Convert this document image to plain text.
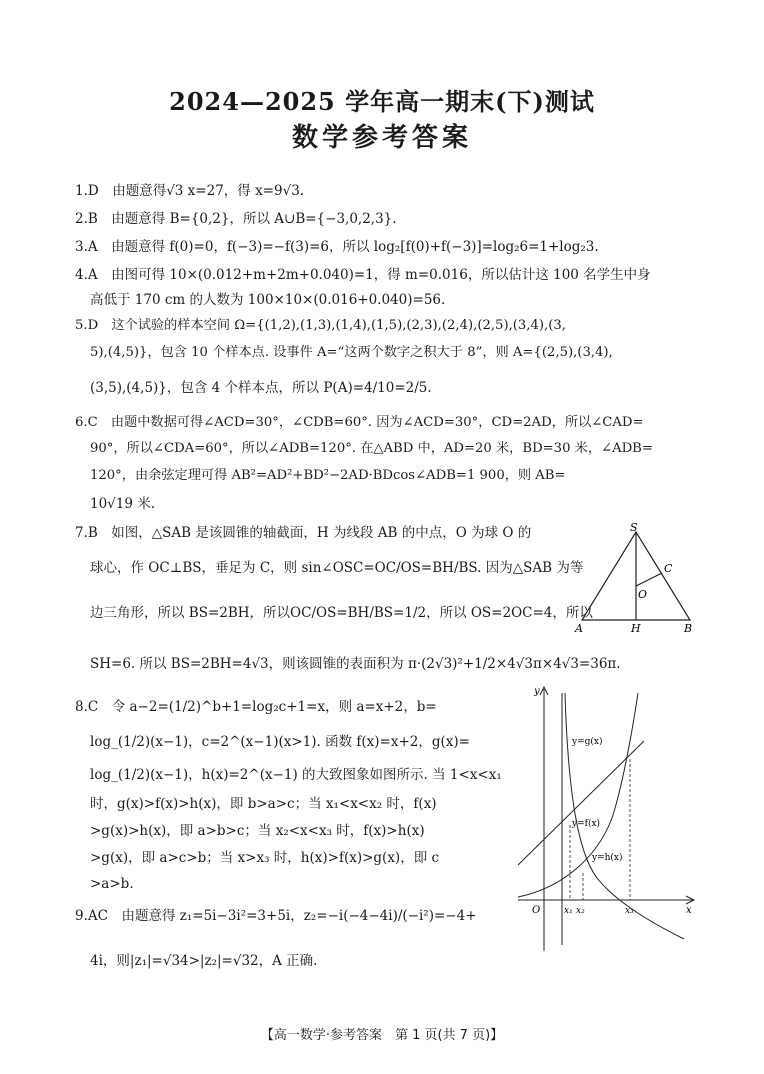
2024—2025 学年高一期末(下)测试
数学参考答案
1.D　由题意得√3 x=27，得 x=9√3.
2.B　由题意得 B={0,2}，所以 A∪B={−3,0,2,3}.
3.A　由题意得 f(0)=0，f(−3)=−f(3)=6，所以 log₂[f(0)+f(−3)]=log₂6=1+log₂3.
4.A　由图可得 10×(0.012+m+2m+0.040)=1，得 m=0.016，所以估计这 100 名学生中身
高低于 170 cm 的人数为 100×10×(0.016+0.040)=56.
5.D　这个试验的样本空间 Ω={(1,2),(1,3),(1,4),(1,5),(2,3),(2,4),(2,5),(3,4),(3,
5),(4,5)}，包含 10 个样本点. 设事件 A=“这两个数字之积大于 8”，则 A={(2,5),(3,4),
(3,5),(4,5)}，包含 4 个样本点，所以 P(A)=4/10=2/5.
6.C　由题中数据可得∠ACD=30°，∠CDB=60°. 因为∠ACD=30°，CD=2AD，所以∠CAD=
90°，所以∠CDA=60°，所以∠ADB=120°. 在△ABD 中，AD=20 米，BD=30 米，∠ADB=
120°，由余弦定理可得 AB²=AD²+BD²−2AD·BDcos∠ADB=1 900，则 AB=
10√19 米.
7.B　如图，△SAB 是该圆锥的轴截面，H 为线段 AB 的中点，O 为球 O 的
球心，作 OC⊥BS，垂足为 C，则 sin∠OSC=OC/OS=BH/BS. 因为△SAB 为等
边三角形，所以 BS=2BH，所以OC/OS=BH/BS=1/2，所以 OS=2OC=4，所以
SH=6. 所以 BS=2BH=4√3，则该圆锥的表面积为 π·(2√3)²+1/2×4√3π×4√3=36π.
8.C　令 a−2=(1/2)^b+1=log₂c+1=x，则 a=x+2，b=
log_(1/2)(x−1)，c=2^(x−1)(x>1). 函数 f(x)=x+2，g(x)=
log_(1/2)(x−1)，h(x)=2^(x−1) 的大致图象如图所示. 当 1<x<x₁
时，g(x)>f(x)>h(x)，即 b>a>c；当 x₁<x<x₂ 时，f(x)
>g(x)>h(x)，即 a>b>c；当 x₂<x<x₃ 时，f(x)>h(x)
>g(x)，即 a>c>b；当 x>x₃ 时，h(x)>f(x)>g(x)，即 c
>a>b.
9.AC　由题意得 z₁=5i−3i²=3+5i，z₂=−i(−4−4i)/(−i²)=−4+
4i，则|z₁|=√34>|z₂|=√32，A 正确.
S
C
O
A	H	B
y
y=g(x)
y=f(x)
y=h(x)
O	x₁ x₂	x₃	x
【高一数学·参考答案　第 1 页(共 7 页)】
